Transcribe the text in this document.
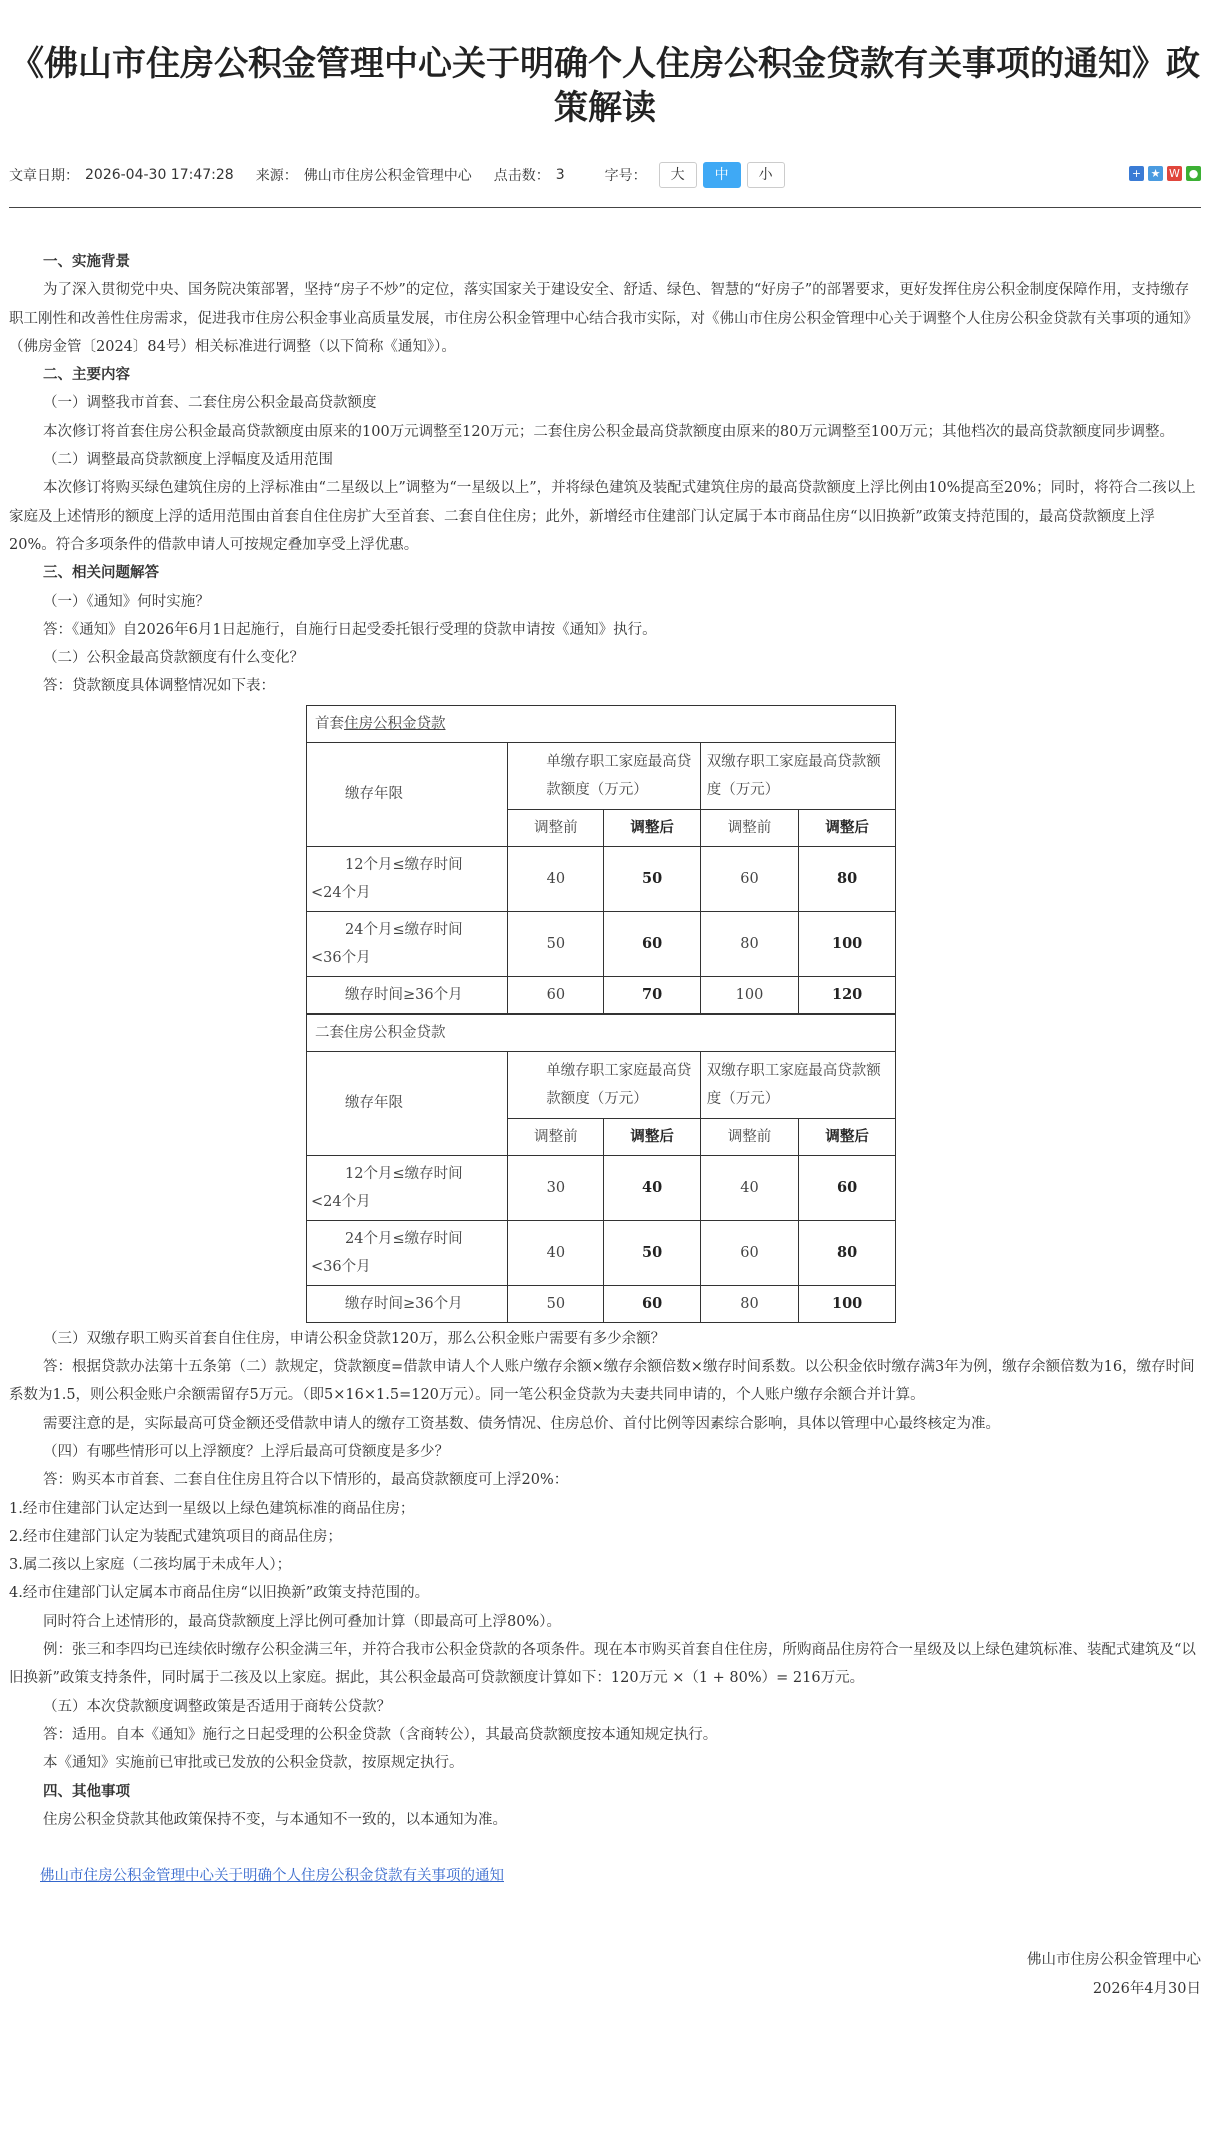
《佛山市住房公积金管理中心关于明确个人住房公积金贷款有关事项的通知》政策解读
文章日期： 2026-04-30 17:47:28 来源： 佛山市住房公积金管理中心 点击数： 3	字号：	大	中	小	+ ★ W ●

一、实施背景

为了深入贯彻党中央、国务院决策部署，坚持“房子不炒”的定位，落实国家关于建设安全、舒适、绿色、智慧的“好房子”的部署要求，更好发挥住房公积金制度保障作用，支持缴存职工刚性和改善性住房需求，促进我市住房公积金事业高质量发展，市住房公积金管理中心结合我市实际，对《佛山市住房公积金管理中心关于调整个人住房公积金贷款有关事项的通知》（佛房金管〔2024〕84号）相关标准进行调整（以下简称《通知》）。

二、主要内容

（一）调整我市首套、二套住房公积金最高贷款额度

本次修订将首套住房公积金最高贷款额度由原来的100万元调整至120万元；二套住房公积金最高贷款额度由原来的80万元调整至100万元；其他档次的最高贷款额度同步调整。

（二）调整最高贷款额度上浮幅度及适用范围

本次修订将购买绿色建筑住房的上浮标准由“二星级以上”调整为“一星级以上”，并将绿色建筑及装配式建筑住房的最高贷款额度上浮比例由10%提高至20%；同时，将符合二孩以上家庭及上述情形的额度上浮的适用范围由首套自住住房扩大至首套、二套自住住房；此外，新增经市住建部门认定属于本市商品住房“以旧换新”政策支持范围的，最高贷款额度上浮20%。符合多项条件的借款申请人可按规定叠加享受上浮优惠。

三、相关问题解答

（一）《通知》何时实施？

答：《通知》自2026年6月1日起施行，自施行日起受委托银行受理的贷款申请按《通知》执行。

（二）公积金最高贷款额度有什么变化？

答：贷款额度具体调整情况如下表：

首套住房公积金贷款				
缴存年限	单缴存职工家庭最高贷款额度（万元）		双缴存职工家庭最高贷款额度（万元）	
	调整前	调整后	调整前	调整后

12个月≤缴存时间
<24个月	40	50	60	80

24个月≤缴存时间
<36个月	50	60	80	100

缴存时间≥36个月	60	70	100	120
二套住房公积金贷款				
缴存年限	单缴存职工家庭最高贷款额度（万元）		双缴存职工家庭最高贷款额度（万元）	
	调整前	调整后	调整前	调整后

12个月≤缴存时间
<24个月	30	40	40	60

24个月≤缴存时间
<36个月	40	50	60	80

缴存时间≥36个月	50	60	80	100

（三）双缴存职工购买首套自住住房，申请公积金贷款120万，那么公积金账户需要有多少余额？

答：根据贷款办法第十五条第（二）款规定，贷款额度=借款申请人个人账户缴存余额×缴存余额倍数×缴存时间系数。以公积金依时缴存满3年为例，缴存余额倍数为16，缴存时间系数为1.5，则公积金账户余额需留存5万元。（即5×16×1.5=120万元）。同一笔公积金贷款为夫妻共同申请的，个人账户缴存余额合并计算。

需要注意的是，实际最高可贷金额还受借款申请人的缴存工资基数、债务情况、住房总价、首付比例等因素综合影响，具体以管理中心最终核定为准。

（四）有哪些情形可以上浮额度？上浮后最高可贷额度是多少？

答：购买本市首套、二套自住住房且符合以下情形的，最高贷款额度可上浮20%：

1.经市住建部门认定达到一星级以上绿色建筑标准的商品住房；

2.经市住建部门认定为装配式建筑项目的商品住房；

3.属二孩以上家庭（二孩均属于未成年人）；

4.经市住建部门认定属本市商品住房“以旧换新”政策支持范围的。

同时符合上述情形的，最高贷款额度上浮比例可叠加计算（即最高可上浮80%）。

例：张三和李四均已连续依时缴存公积金满三年，并符合我市公积金贷款的各项条件。现在本市购买首套自住住房，所购商品住房符合一星级及以上绿色建筑标准、装配式建筑及“以旧换新”政策支持条件，同时属于二孩及以上家庭。据此，其公积金最高可贷款额度计算如下：120万元 ×（1 + 80%）= 216万元。

（五）本次贷款额度调整政策是否适用于商转公贷款？

答：适用。自本《通知》施行之日起受理的公积金贷款（含商转公），其最高贷款额度按本通知规定执行。

本《通知》实施前已审批或已发放的公积金贷款，按原规定执行。

四、其他事项

住房公积金贷款其他政策保持不变，与本通知不一致的，以本通知为准。

佛山市住房公积金管理中心关于明确个人住房公积金贷款有关事项的通知

佛山市住房公积金管理中心

2026年4月30日
